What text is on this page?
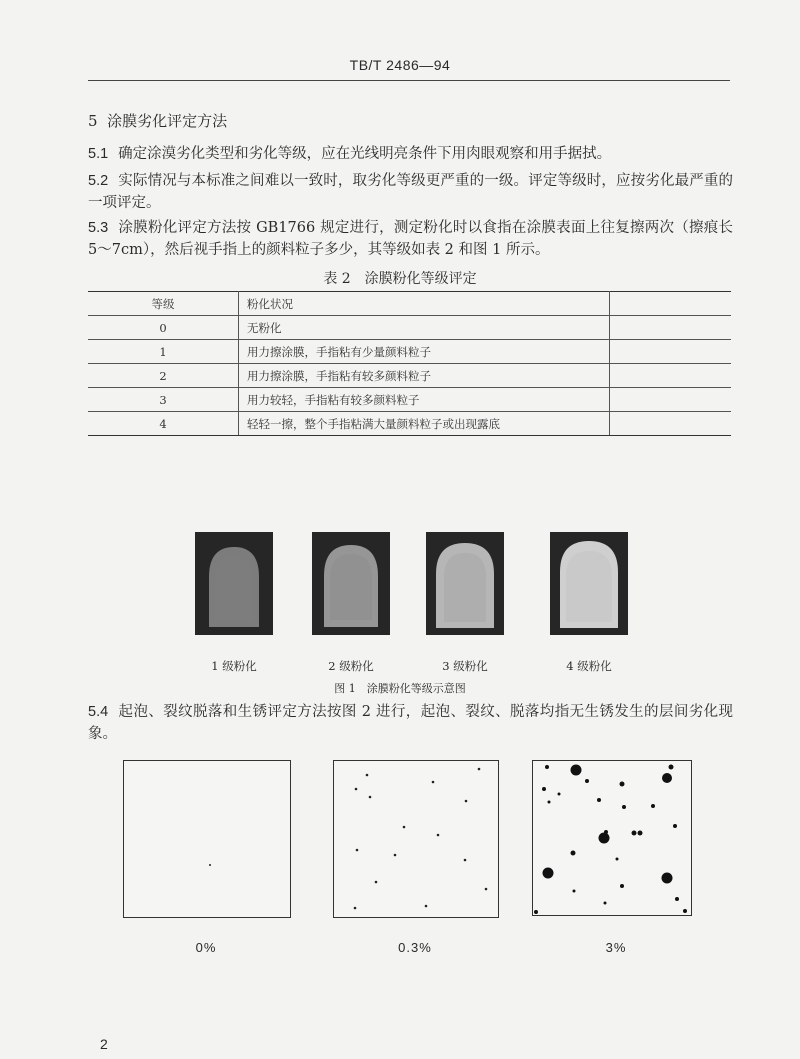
TB/T 2486—94
5 涂膜劣化评定方法
5.1 确定涂漠劣化类型和劣化等级，应在光线明亮条件下用肉眼观察和用手据拭。
5.2 实际情况与本标准之间难以一致时，取劣化等级更严重的一级。评定等级时，应按劣化最严重的一项评定。
5.3 涂膜粉化评定方法按 GB1766 规定进行，测定粉化时以食指在涂膜表面上往复擦两次（擦痕长 5～7cm），然后视手指上的颜料粒子多少，其等级如表 2 和图 1 所示。
表 2　涂膜粉化等级评定
等级	粉化状况	
0	无粉化	
1	用力擦涂膜，手指粘有少量颜料粒子	
2	用力擦涂膜，手指粘有较多颜料粒子	
3	用力较轻，手指粘有较多颜料粒子	
4	轻轻一擦，整个手指粘满大量颜料粒子或出现露底	
1 级粉化	2 级粉化	3 级粉化	4 级粉化
图 1　涂膜粉化等级示意图
5.4 起泡、裂纹脱落和生锈评定方法按图 2 进行，起泡、裂纹、脱落均指无生锈发生的层间劣化现象。
0%	0.3%	3%
2
